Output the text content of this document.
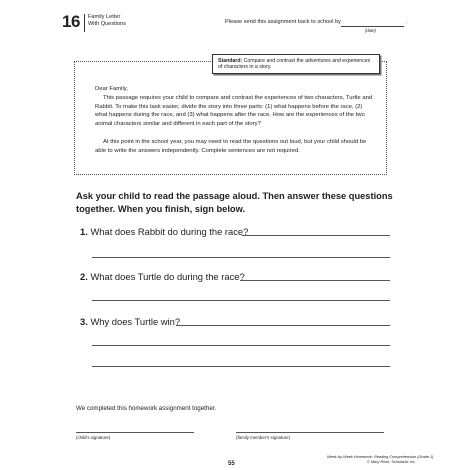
16 Family Letter
With Questions	Please send this assignment back to school by	.
(date)
Standard: Compare and contrast the adventures and experiences of characters in a story.
Dear Family,
This passage requires your child to compare and contrast the experiences of two characters, Turtle and Rabbit. To make this task easier, divide the story into three parts: (1) what happens before the race, (2) what happens during the race, and (3) what happens after the race. How are the experiences of the two animal characters similar and different in each part of the story?
At this point in the school year, you may need to read the questions out loud, but your child should be able to write the answers independently. Complete sentences are not required.
Ask your child to read the passage aloud. Then answer these questions together. When you finish, sign below.
1. What does Rabbit do during the race?
2. What does Turtle do during the race?
3. Why does Turtle win?
We completed this homework assignment together.
(child's signature)	(family member's signature)
55
Week-by-Week Homework: Reading Comprehension (Grade 1)
© Mary Rose, Scholastic Inc.
